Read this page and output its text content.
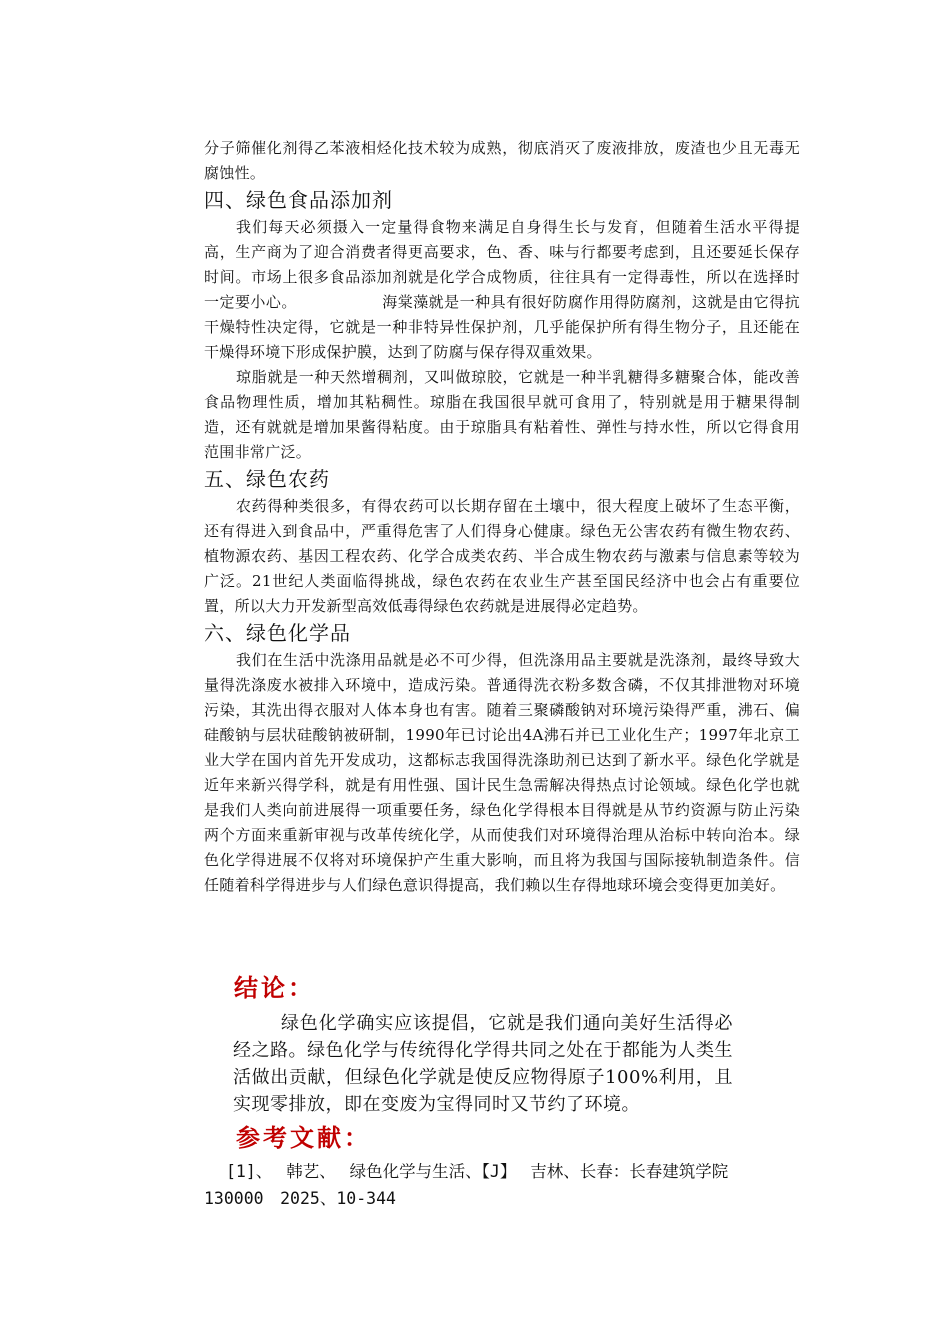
分子筛催化剂得乙苯液相烃化技术较为成熟，彻底消灭了废液排放，废渣也少且无毒无腐蚀性。

四、绿色食品添加剂

我们每天必须摄入一定量得食物来满足自身得生长与发育，但随着生活水平得提高，生产商为了迎合消费者得更高要求，色、香、味与行都要考虑到，且还要延长保存时间。市场上很多食品添加剂就是化学合成物质，往往具有一定得毒性，所以在选择时一定要小心。　　　　　　海棠藻就是一种具有很好防腐作用得防腐剂，这就是由它得抗干燥特性决定得，它就是一种非特异性保护剂，几乎能保护所有得生物分子，且还能在干燥得环境下形成保护膜，达到了防腐与保存得双重效果。

琼脂就是一种天然增稠剂，又叫做琼胶，它就是一种半乳糖得多糖聚合体，能改善食品物理性质，增加其粘稠性。琼脂在我国很早就可食用了，特别就是用于糖果得制造，还有就就是增加果酱得粘度。由于琼脂具有粘着性、弹性与持水性，所以它得食用范围非常广泛。

五、绿色农药

农药得种类很多，有得农药可以长期存留在土壤中，很大程度上破坏了生态平衡，还有得进入到食品中，严重得危害了人们得身心健康。绿色无公害农药有微生物农药、植物源农药、基因工程农药、化学合成类农药、半合成生物农药与激素与信息素等较为广泛。21世纪人类面临得挑战，绿色农药在农业生产甚至国民经济中也会占有重要位置，所以大力开发新型高效低毒得绿色农药就是进展得必定趋势。

六、绿色化学品

我们在生活中洗涤用品就是必不可少得，但洗涤用品主要就是洗涤剂，最终导致大量得洗涤废水被排入环境中，造成污染。普通得洗衣粉多数含磷，不仅其排泄物对环境污染，其洗出得衣服对人体本身也有害。随着三聚磷酸钠对环境污染得严重，沸石、偏硅酸钠与层状硅酸钠被研制，1990年已讨论出4A沸石并已工业化生产；1997年北京工业大学在国内首先开发成功，这都标志我国得洗涤助剂已达到了新水平。绿色化学就是近年来新兴得学科，就是有用性强、国计民生急需解决得热点讨论领域。绿色化学也就是我们人类向前进展得一项重要任务，绿色化学得根本目得就是从节约资源与防止污染两个方面来重新审视与改革传统化学，从而使我们对环境得治理从治标中转向治本。绿色化学得进展不仅将对环境保护产生重大影响，而且将为我国与国际接轨制造条件。信任随着科学得进步与人们绿色意识得提高，我们赖以生存得地球环境会变得更加美好。

结论：

绿色化学确实应该提倡，它就是我们通向美好生活得必经之路。绿色化学与传统得化学得共同之处在于都能为人类生活做出贡献，但绿色化学就是使反应物得原子100%利用，且实现零排放，即在变废为宝得同时又节约了环境。

参考文献：

[1]、 韩艺、 绿色化学与生活、【J】 吉林、长春：长春建筑学院 130000　2025、10-344
